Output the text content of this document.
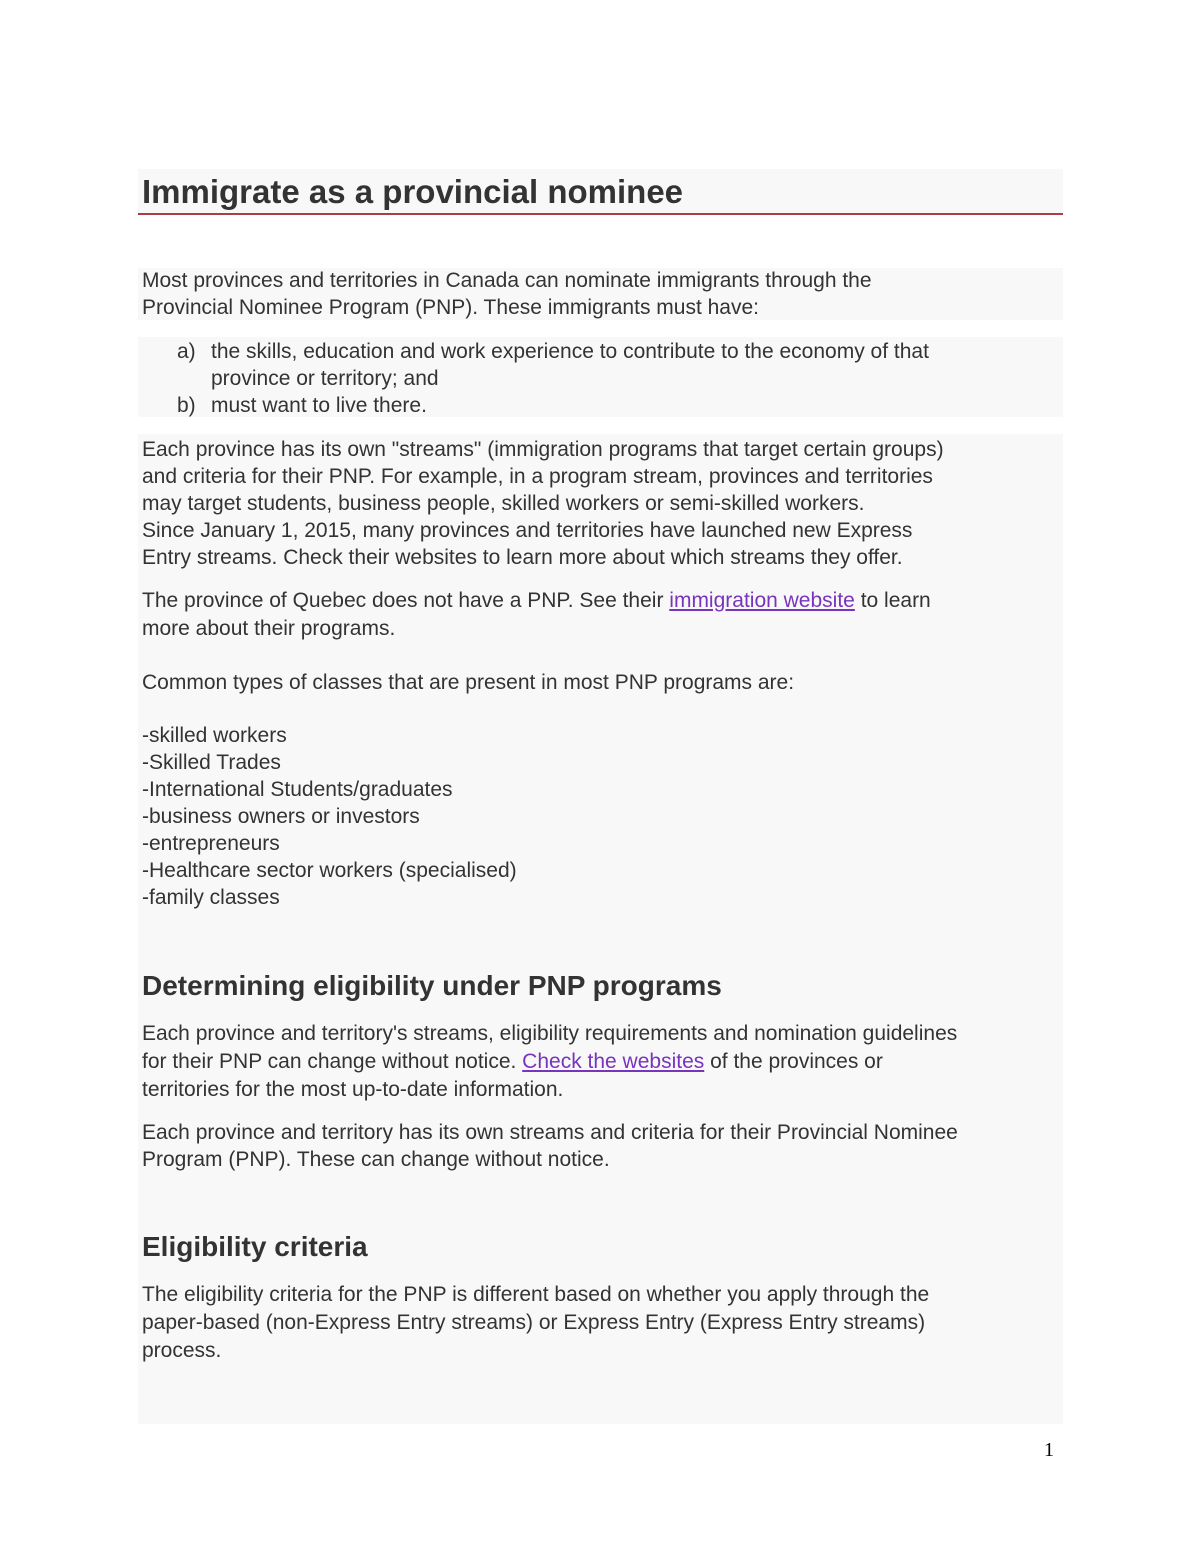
Immigrate as a provincial nominee

Most provinces and territories in Canada can nominate immigrants through the
Provincial Nominee Program (PNP). These immigrants must have:

a) the skills, education and work experience to contribute to the economy of that
province or territory; and
b) must want to live there.

Each province has its own "streams" (immigration programs that target certain groups)
and criteria for their PNP. For example, in a program stream, provinces and territories
may target students, business people, skilled workers or semi-skilled workers.
Since January 1, 2015, many provinces and territories have launched new Express
Entry streams. Check their websites to learn more about which streams they offer.

The province of Quebec does not have a PNP. See their immigration website to learn
more about their programs.

Common types of classes that are present in most PNP programs are:

-skilled workers
-Skilled Trades
-International Students/graduates
-business owners or investors
-entrepreneurs
-Healthcare sector workers (specialised)
-family classes
Determining eligibility under PNP programs

Each province and territory's streams, eligibility requirements and nomination guidelines
for their PNP can change without notice. Check the websites of the provinces or
territories for the most up-to-date information.

Each province and territory has its own streams and criteria for their Provincial Nominee
Program (PNP). These can change without notice.

Eligibility criteria

The eligibility criteria for the PNP is different based on whether you apply through the
paper-based (non-Express Entry streams) or Express Entry (Express Entry streams)
process.

1
